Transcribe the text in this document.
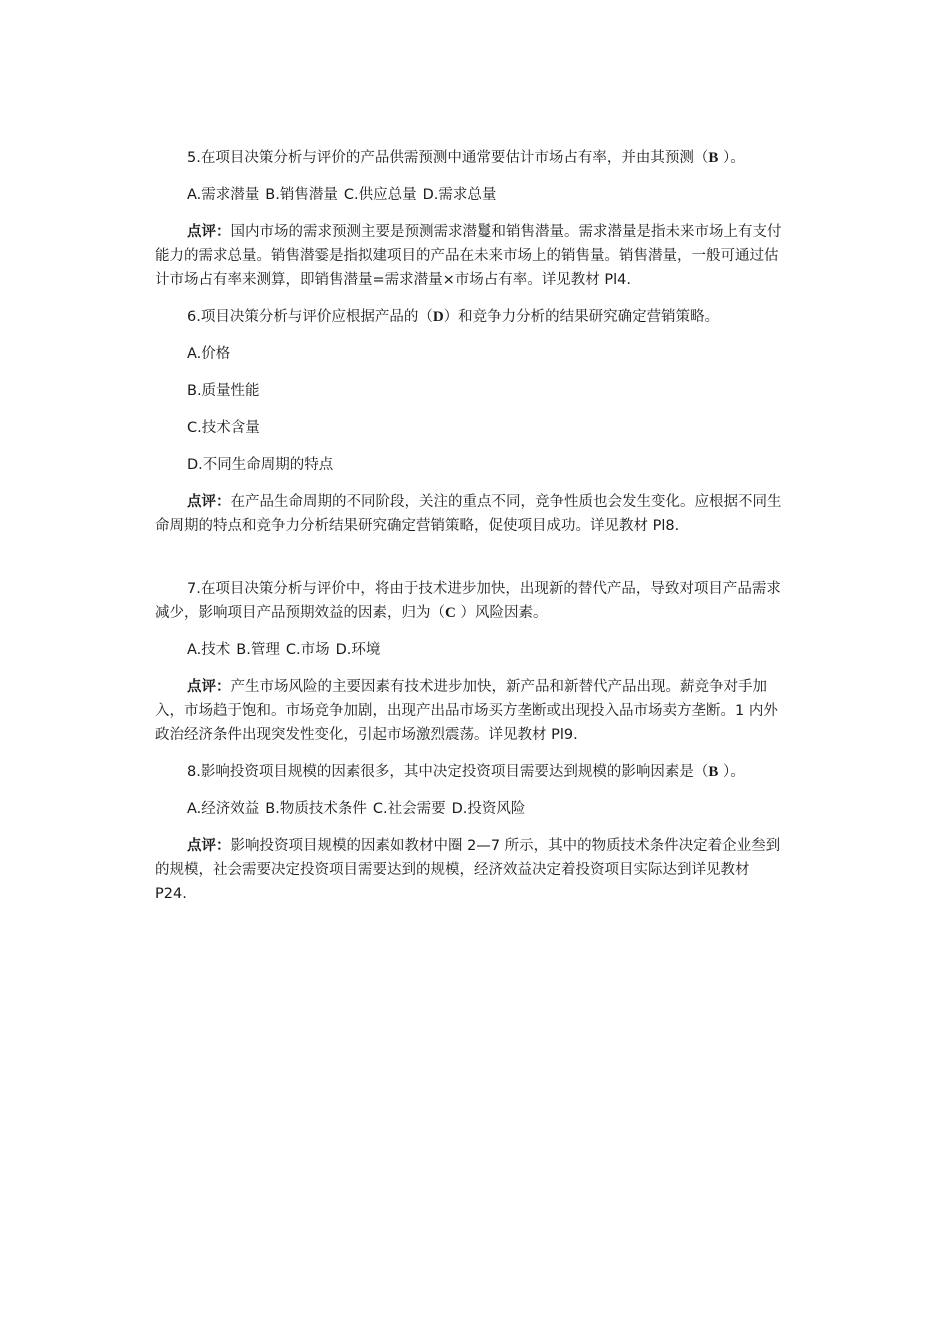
5.在项目决策分析与评价的产品供需预测中通常要估计市场占有率，并由其预测（B ）。

A.需求潜量 B.销售潜量 C.供应总量 D.需求总量

点评：国内市场的需求预测主要是预测需求潜鬘和销售潜量。需求潜量是指未来市场上有支付能力的需求总量。销售潜霎是指拟建项目的产品在未来市场上的销售量。销售潜量，一般可通过估计市场占有率来测算，即销售潜量=需求潜量×市场占有率。详见教材 Pl4.

6.项目决策分析与评价应根据产品的（D）和竞争力分析的结果研究确定营销策略。

A.价格

B.质量性能

C.技术含量

D.不同生命周期的特点

点评：在产品生命周期的不同阶段，关注的重点不同，竞争性质也会发生变化。应根据不同生命周期的特点和竞争力分析结果研究确定营销策略，促使项目成功。详见教材 Pl8.

7.在项目决策分析与评价中，将由于技术进步加快，出现新的替代产品，导致对项目产品需求减少，影响项目产品预期效益的因素，归为（C ）风险因素。

A.技术 B.管理 C.市场 D.环境

点评：产生市场风险的主要因素有技术进步加快，新产品和新替代产品出现。薪竞争对手加入，市场趋于饱和。市场竞争加剧，出现产出品市场买方垄断或出现投入品市场卖方垄断。1 内外政治经济条件出现突发性变化，引起市场激烈震荡。详见教材 Pl9.

8.影响投资项目规模的因素很多，其中决定投资项目需要达到规模的影响因素是（B ）。

A.经济效益 B.物质技术条件 C.社会需要 D.投资风险

点评：影响投资项目规模的因素如教材中圈 2—7 所示，其中的物质技术条件决定着企业叁到的规模，社会需要决定投资项目需要达到的规模，经济效益决定着投资项目实际达到详见教材 P24.
